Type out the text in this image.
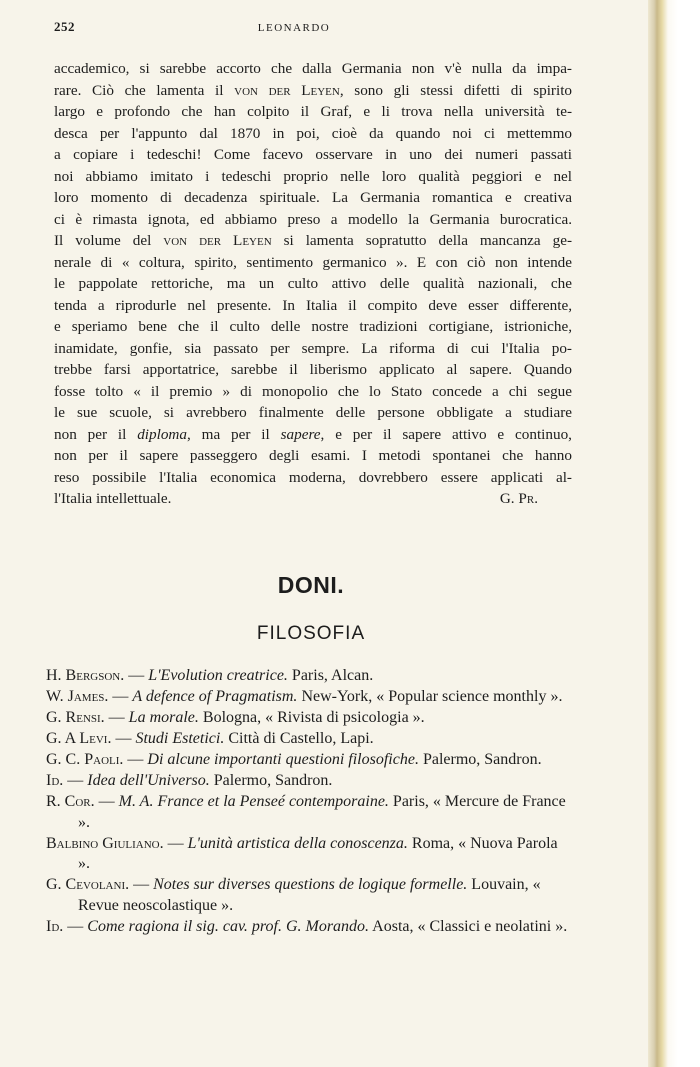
252	LEONARDO
accademico, si sarebbe accorto che dalla Germania non v'è nulla da impa-
rare. Ciò che lamenta il von der Leyen, sono gli stessi difetti di spirito
largo e profondo che han colpito il Graf, e li trova nella università te-
desca per l'appunto dal 1870 in poi, cioè da quando noi ci mettemmo
a copiare i tedeschi! Come facevo osservare in uno dei numeri passati
noi abbiamo imitato i tedeschi proprio nelle loro qualità peggiori e nel
loro momento di decadenza spirituale. La Germania romantica e creativa
ci è rimasta ignota, ed abbiamo preso a modello la Germania burocratica.
Il volume del von der Leyen si lamenta sopratutto della mancanza ge-
nerale di « coltura, spirito, sentimento germanico ». E con ciò non intende
le pappolate rettoriche, ma un culto attivo delle qualità nazionali, che
tenda a riprodurle nel presente. In Italia il compito deve esser differente,
e speriamo bene che il culto delle nostre tradizioni cortigiane, istrioniche,
inamidate, gonfie, sia passato per sempre. La riforma di cui l'Italia po-
trebbe farsi apportatrice, sarebbe il liberismo applicato al sapere. Quando
fosse tolto « il premio » di monopolio che lo Stato concede a chi segue
le sue scuole, si avrebbero finalmente delle persone obbligate a studiare
non per il diploma, ma per il sapere, e per il sapere attivo e continuo,
non per il sapere passeggero degli esami. I metodi spontanei che hanno
reso possibile l'Italia economica moderna, dovrebbero essere applicati al-
l'Italia intellettuale.	G. Pr.
DONI.
FILOSOFIA
H. Bergson. — L'Evolution creatrice. Paris, Alcan.
W. James. — A defence of Pragmatism. New-York, « Popular science monthly ».
G. Rensi. — La morale. Bologna, « Rivista di psicologia ».
G. A Levi. — Studi Estetici. Città di Castello, Lapi.
G. C. Paoli. — Di alcune importanti questioni filosofiche. Palermo, Sandron.
Id. — Idea dell'Universo. Palermo, Sandron.
R. Cor. — M. A. France et la Penseé contemporaine. Paris, « Mercure de France ».
Balbino Giuliano. — L'unità artistica della conoscenza. Roma, « Nuova Parola ».
G. Cevolani. — Notes sur diverses questions de logique formelle. Louvain, « Revue neoscolastique ».
Id. — Come ragiona il sig. cav. prof. G. Morando. Aosta, « Classici e neolatini ».
